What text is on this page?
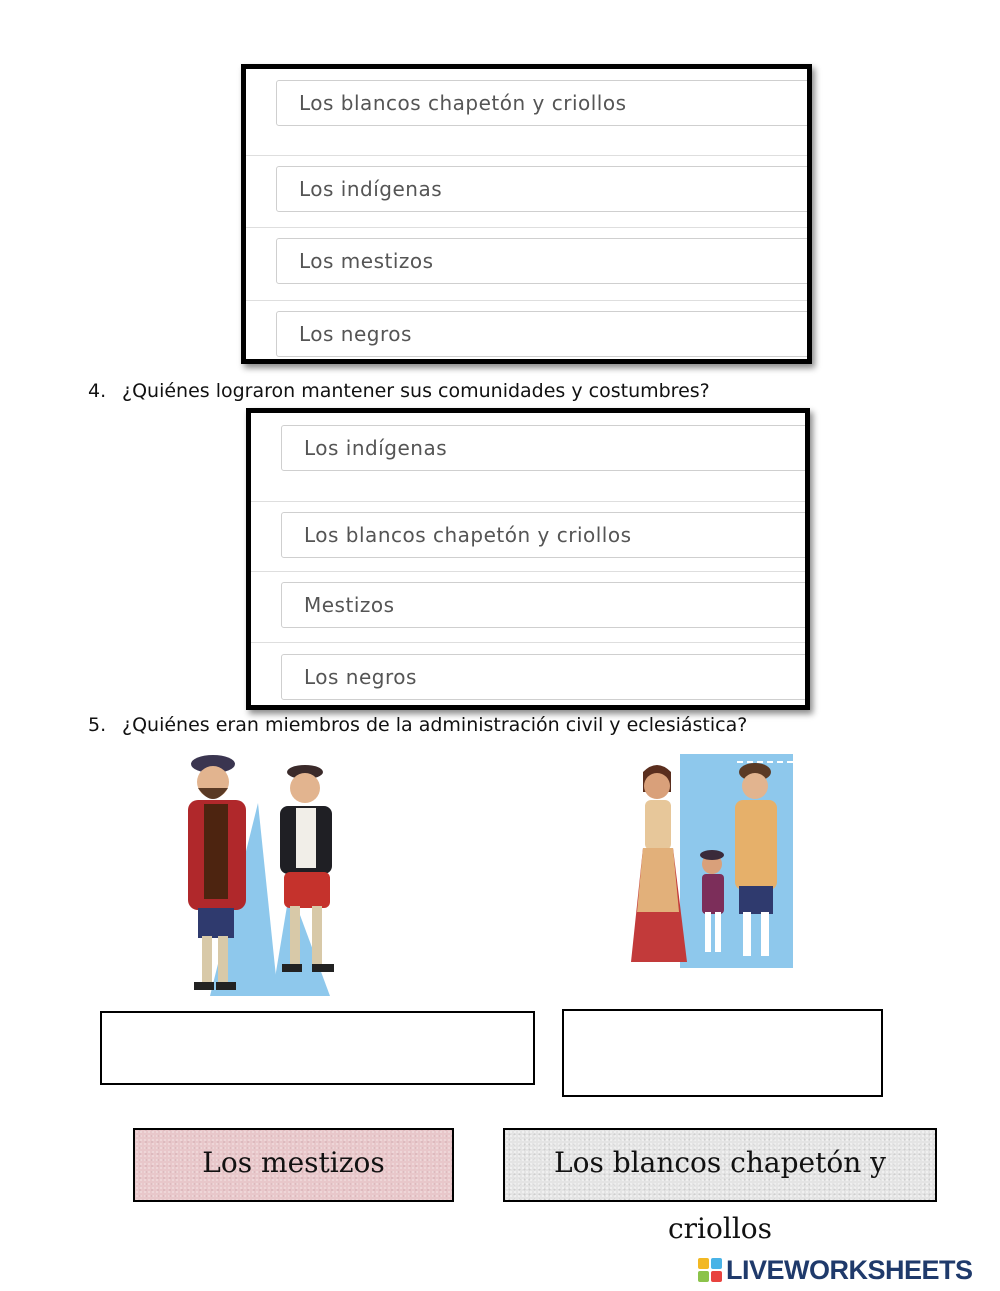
Los blancos chapetón y criollos
Los indígenas
Los mestizos
Los negros
4. ¿Quiénes lograron mantener sus comunidades y costumbres?
Los indígenas
Los blancos chapetón y criollos
Mestizos
Los negros
5. ¿Quiénes eran miembros de la administración civil y eclesiástica?
Los mestizos	Los blancos chapetón y criollos
LIVEWORKSHEETS
